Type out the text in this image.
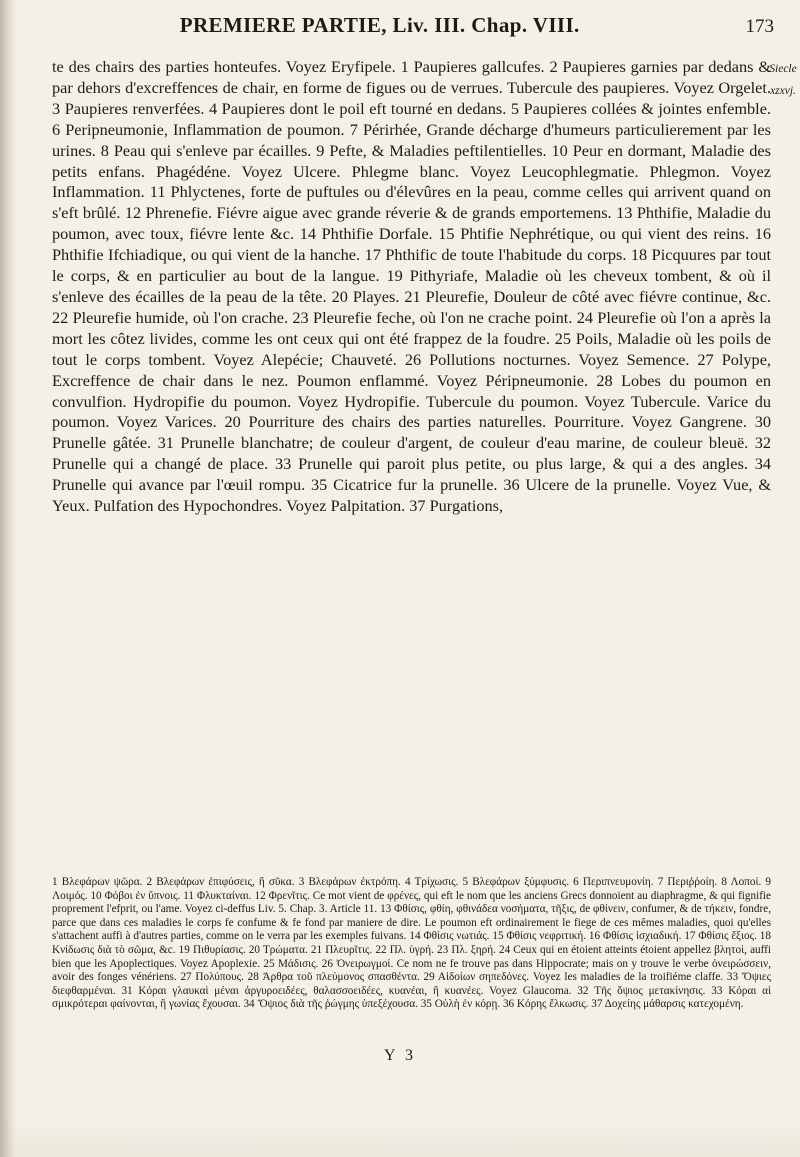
PREMIERE PARTIE, Liv. III. Chap. VIII.	173
Siecle xzxvj.
te des chairs des parties honteufes. Voyez Eryfipele. 1 Paupieres gallcufes. 2 Paupieres garnies par dedans & par dehors d'excreffences de chair, en forme de figues ou de verrues. Tubercule des paupieres. Voyez Orgelet. 3 Paupieres renverfées. 4 Paupieres dont le poil eft tourné en dedans. 5 Paupieres collées & jointes enfemble. 6 Peripneumonie, Inflammation de poumon. 7 Périrhée, Grande décharge d'humeurs particulierement par les urines. 8 Peau qui s'enleve par écailles. 9 Pefte, & Maladies peftilentielles. 10 Peur en dormant, Maladie des petits enfans. Phagédéne. Voyez Ulcere. Phlegme blanc. Voyez Leucophlegmatie. Phlegmon. Voyez Inflammation. 11 Phlyctenes, forte de puftules ou d'élevûres en la peau, comme celles qui arrivent quand on s'eft brûlé. 12 Phrenefie. Fiévre aigue avec grande réverie & de grands emportemens. 13 Phthifie, Maladie du poumon, avec toux, fiévre lente &c. 14 Phthifie Dorfale. 15 Phtifie Nephrétique, ou qui vient des reins. 16 Phthifie Ifchiadique, ou qui vient de la hanche. 17 Phthific de toute l'habitude du corps. 18 Picquures par tout le corps, & en particulier au bout de la langue. 19 Pithyriafe, Maladie où les cheveux tombent, & où il s'enleve des écailles de la peau de la tête. 20 Playes. 21 Pleurefie, Douleur de côté avec fiévre continue, &c. 22 Pleurefie humide, où l'on crache. 23 Pleurefie feche, où l'on ne crache point. 24 Pleurefie où l'on a après la mort les côtez livides, comme les ont ceux qui ont été frappez de la foudre. 25 Poils, Maladie où les poils de tout le corps tombent. Voyez Alepécie; Chauveté. 26 Pollutions nocturnes. Voyez Semence. 27 Polype, Excreffence de chair dans le nez. Poumon enflammé. Voyez Péripneumonie. 28 Lobes du poumon en convulfion. Hydropifie du poumon. Voyez Hydropifie. Tubercule du poumon. Voyez Tubercule. Varice du poumon. Voyez Varices. 20 Pourriture des chairs des parties naturelles. Pourriture. Voyez Gangrene. 30 Prunelle gâtée. 31 Prunelle blanchatre; de couleur d'argent, de couleur d'eau marine, de couleur bleuë. 32 Prunelle qui a changé de place. 33 Prunelle qui paroit plus petite, ou plus large, & qui a des angles. 34 Prunelle qui avance par l'œuil rompu. 35 Cicatrice fur la prunelle. 36 Ulcere de la prunelle. Voyez Vue, & Yeux. Pulfation des Hypochondres. Voyez Palpitation. 37 Purgations,
1 Βλεφάρων ψῶρα. 2 Βλεφάρων ἐπιφύσεις, ἢ σῦκα. 3 Βλεφάρων ἐκτρόπη. 4 Τρίχωσις. 5 Βλεφάρων ξύμφυσις. 6 Περιπνευμονίη. 7 Περιῤῥοίη. 8 Λοποί. 9 Λοιμός. 10 Φόβοι ἐν ὕπνοις. 11 Φλυκταίναι. 12 Φρενῖτις. Ce mot vient de φρένες, qui eft le nom que les anciens Grecs donnoient au diaphragme, & qui fignifie proprement l'efprit, ou l'ame. Voyez ci-deffus Liv. 5. Chap. 3. Article 11. 13 Φθίσις, φθίη, φθινάδεα νοσήματα, τῆξις, de φθίνειν, confumer, & de τήκειν, fondre, parce que dans ces maladies le corps fe confume & fe fond par maniere de dire. Le poumon eft ordinairement le fiege de ces mêmes maladies, quoi qu'elles s'attachent auffi à d'autres parties, comme on le verra par les exemples fuivans. 14 Φθίσις νωτιάς. 15 Φθίσις νεφριτική. 16 Φθίσις ἰσχιαδική. 17 Φθίσις ἕξιος. 18 Κνίδωσις διὰ τὸ σῶμα, &c. 19 Πιθυρίασις. 20 Τρώματα. 21 Πλευρῖτις. 22 Πλ. ὑγρή. 23 Πλ. ξηρή. 24 Ceux qui en étoient atteints étoient appellez βλητοὶ, auffi bien que les Apoplectiques. Voyez Apoplexie. 25 Μάδισις. 26 Ὀνειρωγμοί. Ce nom ne fe trouve pas dans Hippocrate; mais on y trouve le verbe ὀνειρώσσειν, avoir des fonges vénériens. 27 Πολύπους. 28 Ἀρθρα τοῦ πλεύμονος σπασθέντα. 29 Αἰδοίων σηπεδόνες. Voyez les maladies de la troifiéme claffe. 33 Ὄψιες διεφθαρμέναι. 31 Κόραι γλαυκαὶ μέναι ἀργυροειδέες, θαλασσοειδέες, κυανέαι, ἢ κυανέες. Voyez Glaucoma. 32 Τῆς ὄψιος μετακίνησις. 33 Κόραι αἱ σμικρότεραι φαίνονται, ἢ γωνίας ἔχουσαι. 34 Ὄψιος διὰ τῆς ῥώγμης ὑπεξέχουσα. 35 Οὐλὴ ἐν κόρῃ. 36 Κόρης ἕλκωσις. 37 Δοχείης μάθαρσις κατεχομένη.
Y 3
